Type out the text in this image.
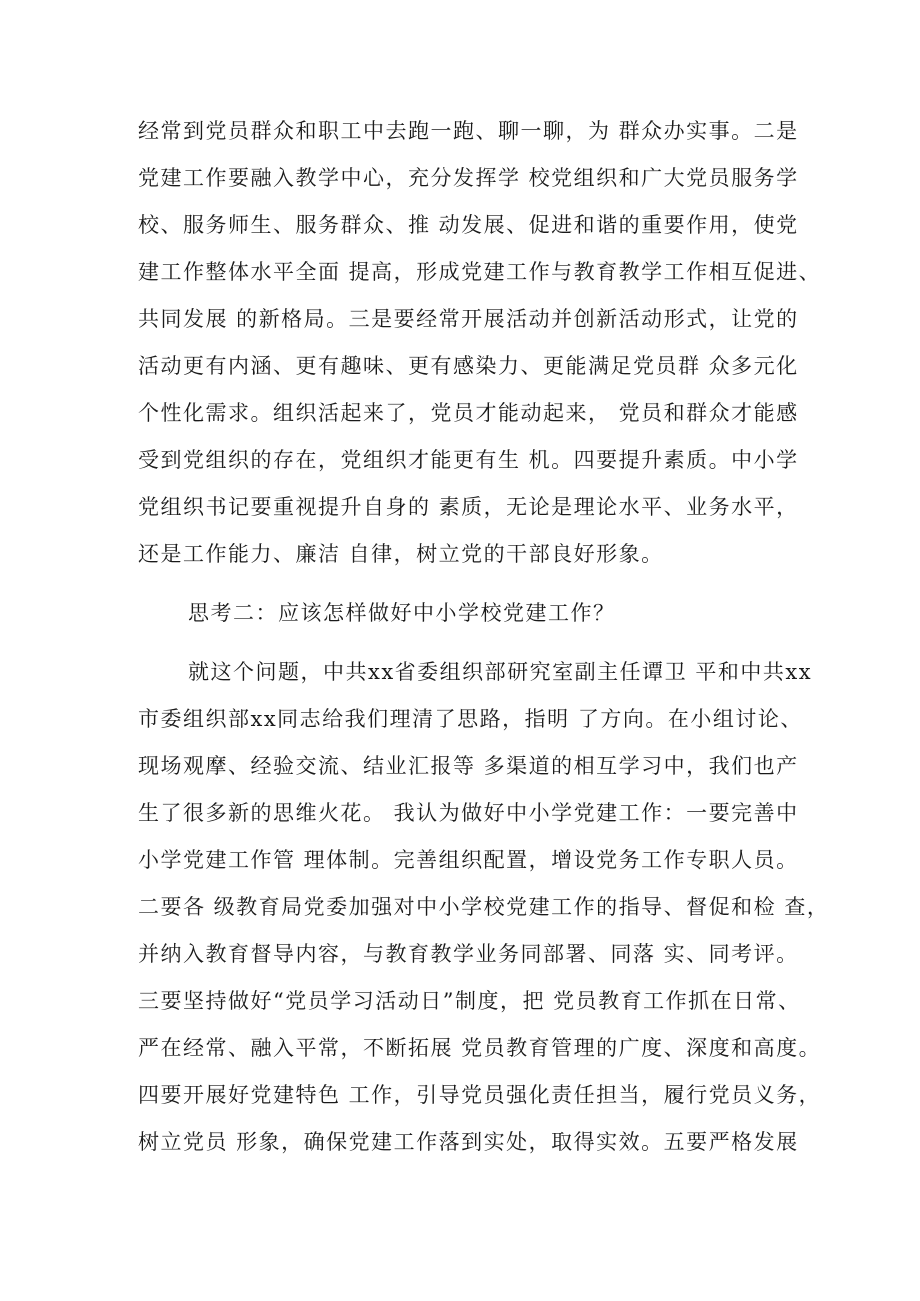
经常到党员群众和职工中去跑一跑、聊一聊，为 群众办实事。二是
党建工作要融入教学中心，充分发挥学 校党组织和广大党员服务学
校、服务师生、服务群众、推 动发展、促进和谐的重要作用，使党
建工作整体水平全面 提高，形成党建工作与教育教学工作相互促进、
共同发展 的新格局。三是要经常开展活动并创新活动形式，让党的
活动更有内涵、更有趣味、更有感染力、更能满足党员群 众多元化
个性化需求。组织活起来了，党员才能动起来， 党员和群众才能感
受到党组织的存在，党组织才能更有生 机。四要提升素质。中小学
党组织书记要重视提升自身的 素质，无论是理论水平、业务水平，
还是工作能力、廉洁 自律，树立党的干部良好形象。
思考二：应该怎样做好中小学校党建工作？
就这个问题，中共xx省委组织部研究室副主任谭卫 平和中共xx
市委组织部xx同志给我们理清了思路，指明 了方向。在小组讨论、
现场观摩、经验交流、结业汇报等 多渠道的相互学习中，我们也产
生了很多新的思维火花。 我认为做好中小学党建工作：一要完善中
小学党建工作管 理体制。完善组织配置，增设党务工作专职人员。
二要各 级教育局党委加强对中小学校党建工作的指导、督促和检 查，
并纳入教育督导内容，与教育教学业务同部署、同落 实、同考评。
三要坚持做好“党员学习活动日”制度，把 党员教育工作抓在日常、
严在经常、融入平常，不断拓展 党员教育管理的广度、深度和高度。
四要开展好党建特色 工作，引导党员强化责任担当，履行党员义务，
树立党员 形象，确保党建工作落到实处，取得实效。五要严格发展
